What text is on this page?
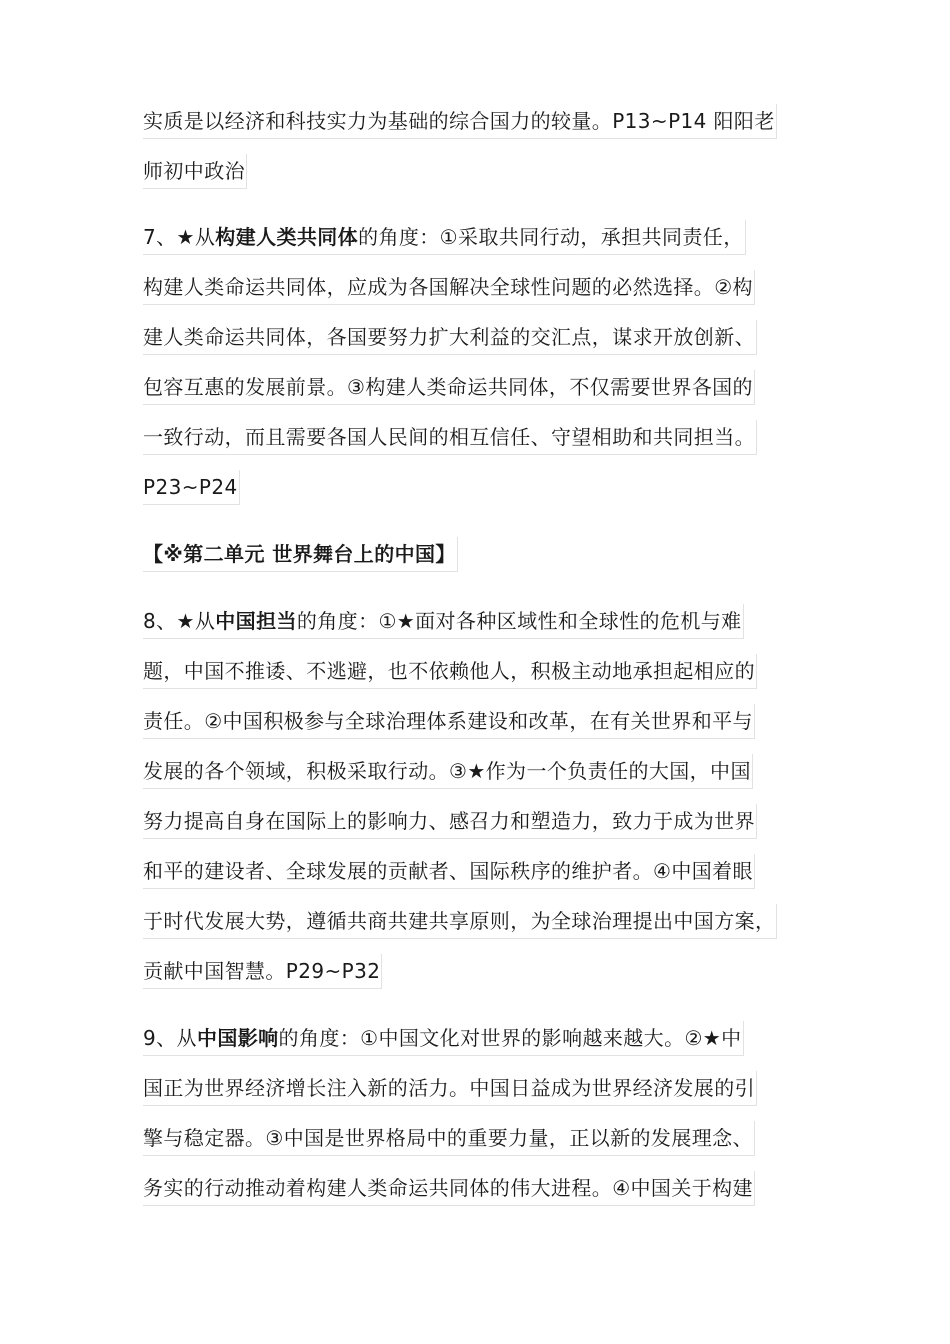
实质是以经济和科技实力为基础的综合国力的较量。P13~P14 阳阳老
师初中政治
7、★从构建人类共同体的角度：①采取共同行动，承担共同责任，
构建人类命运共同体，应成为各国解决全球性问题的必然选择。②构
建人类命运共同体，各国要努力扩大利益的交汇点，谋求开放创新、
包容互惠的发展前景。③构建人类命运共同体，不仅需要世界各国的
一致行动，而且需要各国人民间的相互信任、守望相助和共同担当。
P23~P24
【※第二单元 世界舞台上的中国】
8、★从中国担当的角度：①★面对各种区域性和全球性的危机与难
题，中国不推诿、不逃避，也不依赖他人，积极主动地承担起相应的
责任。②中国积极参与全球治理体系建设和改革，在有关世界和平与
发展的各个领域，积极采取行动。③★作为一个负责任的大国，中国
努力提高自身在国际上的影响力、感召力和塑造力，致力于成为世界
和平的建设者、全球发展的贡献者、国际秩序的维护者。④中国着眼
于时代发展大势，遵循共商共建共享原则，为全球治理提出中国方案，
贡献中国智慧。P29~P32
9、从中国影响的角度：①中国文化对世界的影响越来越大。②★中
国正为世界经济增长注入新的活力。中国日益成为世界经济发展的引
擎与稳定器。③中国是世界格局中的重要力量，正以新的发展理念、
务实的行动推动着构建人类命运共同体的伟大进程。④中国关于构建
